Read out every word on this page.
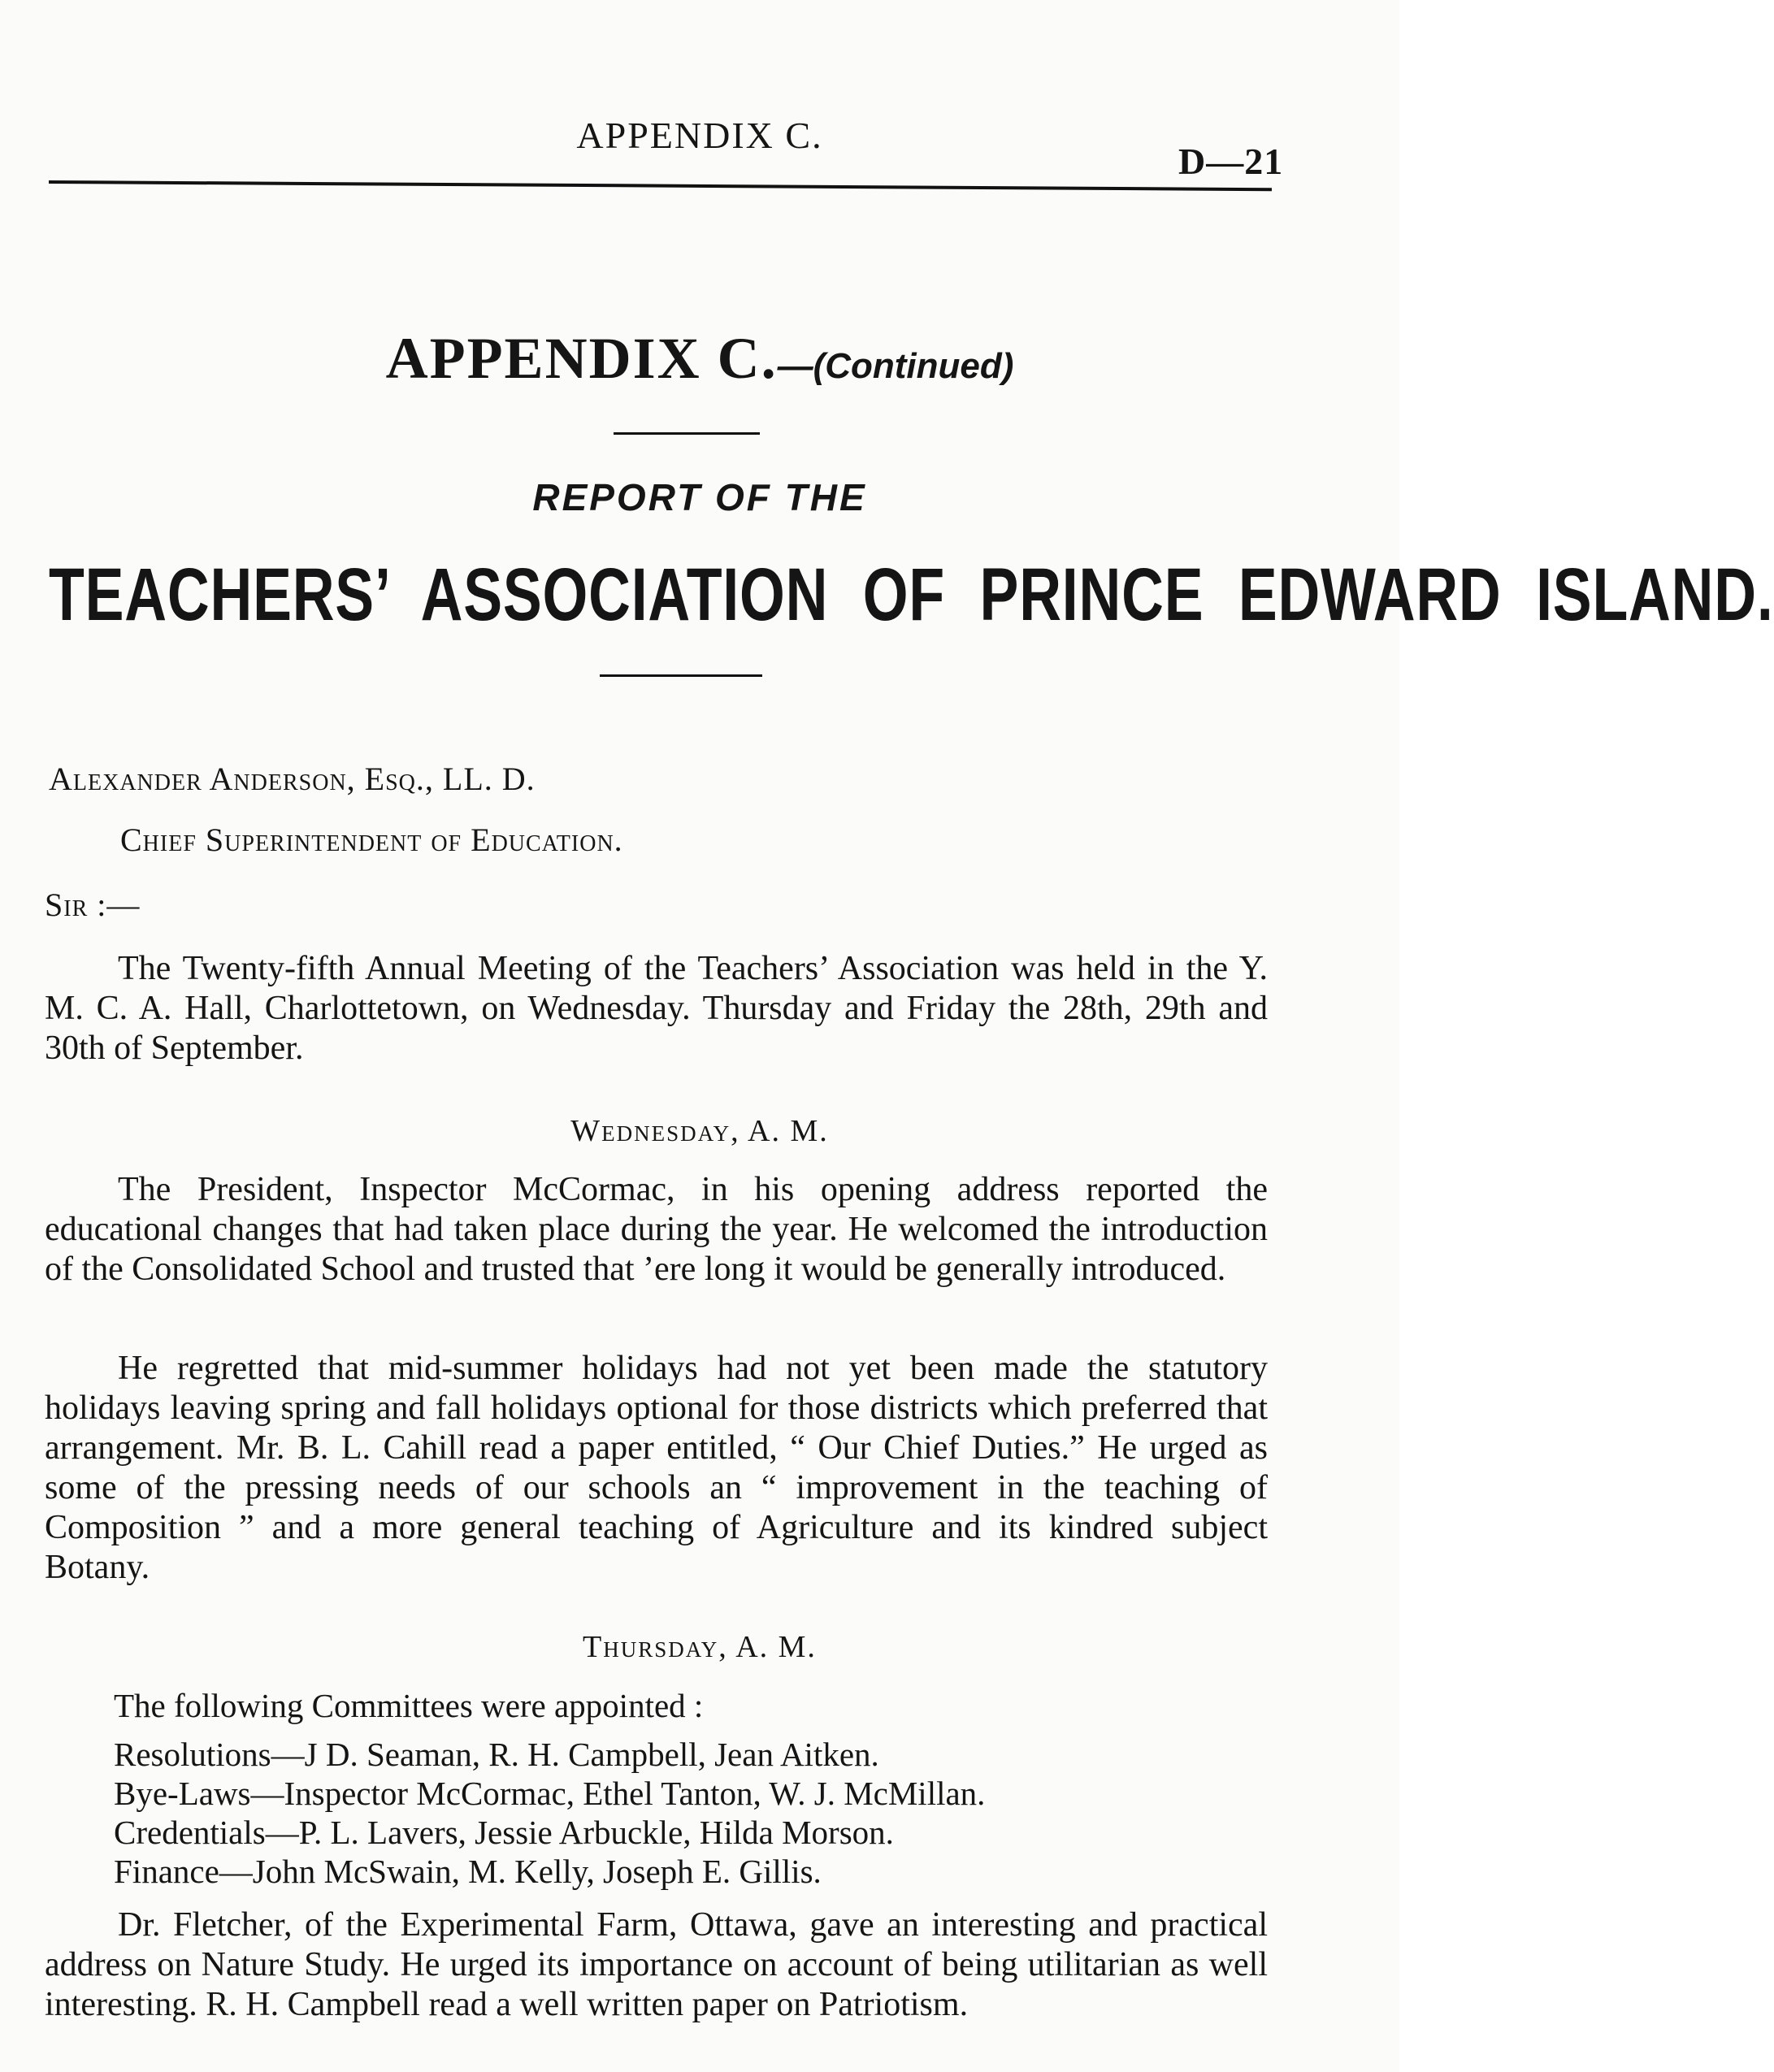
APPENDIX C.
D—21
APPENDIX C.—(Continued)
REPORT OF THE
TEACHERS’ ASSOCIATION OF PRINCE EDWARD ISLAND.
Alexander Anderson, Esq., LL. D.
Chief Superintendent of Education.
Sir :—

The Twenty-fifth Annual Meeting of the Teachers’ Association was held in the Y. M. C. A. Hall, Charlottetown, on Wednesday. Thursday and Friday the 28th, 29th and 30th of September.

Wednesday, A. M.

The President, Inspector McCormac, in his opening address reported the educational changes that had taken place during the year. He welcomed the introduction of the Consolidated School and trusted that ’ere long it would be generally introduced.

He regretted that mid-summer holidays had not yet been made the statutory holidays leaving spring and fall holidays optional for those districts which preferred that arrangement. Mr. B. L. Cahill read a paper entitled, “ Our Chief Duties.” He urged as some of the pressing needs of our schools an “ improvement in the teaching of Composition ” and a more general teaching of Agriculture and its kindred subject Botany.

Thursday, A. M.
The following Committees were appointed :
Resolutions—J D. Seaman, R. H. Campbell, Jean Aitken.
Bye-Laws—Inspector McCormac, Ethel Tanton, W. J. McMillan.
Credentials—P. L. Lavers, Jessie Arbuckle, Hilda Morson.
Finance—John McSwain, M. Kelly, Joseph E. Gillis.

Dr. Fletcher, of the Experimental Farm, Ottawa, gave an interesting and practical address on Nature Study. He urged its importance on account of being utilitarian as well interesting. R. H. Campbell read a well written paper on Patriotism.
